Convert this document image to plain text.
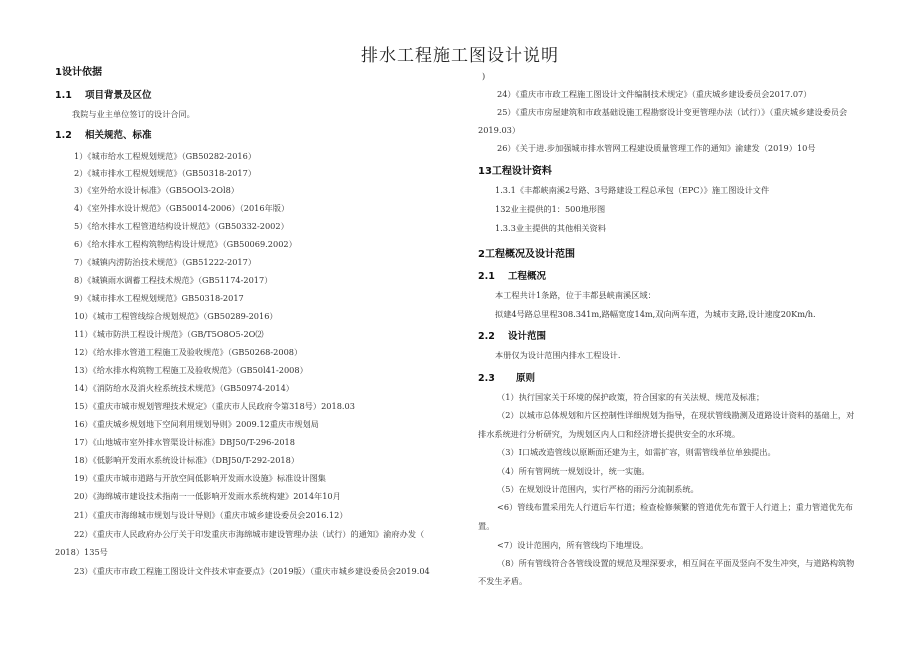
排水工程施工图设计说明
1设计依据
1.1 项目背景及区位
我院与业主单位签订的设计合同。
1.2 相关规范、标准
1）《城市给水工程规划规范》（GB50282-2016）
2）《城市排水工程规划规范》（GB50318-2017）
3）《室外给水设计标准》（GB5OOl3-2Ol8）
4）《室外排水设计规范》（GB50014-2006）（2016年版）
5）《给水排水工程管道结构设计规范》（GB50332-2002）
6）《给水排水工程构筑物结构设计规范》（GB50069.2002）
7）《城镇内涝防治技术规范》（GB51222-2017）
8）《城镇雨水调蓄工程技术规范》（GB51174-2017）
9）《城市排水工程规划规范》GB50318-2017
10）《城市工程管线综合规划规范》（GB50289-2016）
11）《城市防洪工程设计规范》（GB/T5O8O5-2O⑵
12）《给水排水管道工程施工及验收规范》（GB50268-2008）
13）《给水排水构筑物工程施工及验收规范》（GB50l41-2008）
14）《消防给水及消火栓系统技术规范》（GB50974-2014）
15）《重庆市城市规划管理技术规定》（重庆市人民政府令第318号）2018.03
16）《重庆城乡规划地下空间利用规划导则》2009.12重庆市规划局
17）《山地城市室外排水管渠设计标准》DBJ50/T-296-2018
18）《低影响开发雨水系统设计标准》（DBJ50/T-292-2018）
19）《重庆市城市道路与开放空间低影响开发雨水设施》标准设计图集
20）《海绵城市建设技术指南一一低影响开发雨水系统构建》2014年10月
21）《重庆市海绵城市规划与设计导则》（重庆市城乡建设委员会2016.12）
22）《重庆市人民政府办公厅关于印发重庆市海绵城市建设管理办法（试行）的通知》渝府办发（
2018）135号
23）《重庆市市政工程施工图设计文件技术审查要点》（2019版）（重庆市城乡建设委员会2019.04
)
24）《重庆市市政工程施工图设计文件编制技术规定》（重庆城乡建设委员会2017.07）
25）《重庆市房屋建筑和市政基础设施工程勘察设计变更管理办法（试行）》（重庆城乡建设委员会
2019.03）
26）《关于进.步加强城市排水管网工程建设质量管理工作的通知》渝建发（2019）10号
13工程设计资料
1.3.1《丰都峡南溪2号路、3号路建设工程总承包（EPC）》施工图设计文件
132业主提供的1：500地形图
1.3.3业主提供的其他相关资料
2工程概况及设计范围
2.1 工程概况
本工程共计1条路，位于丰都县峡南溪区域：
拟建4号路总里程308.341m,路幅宽度14m,双向两车道，为城市支路,设计速度20Km/h.
2.2 设计范围
本册仅为设计范围内排水工程设计.
2.3 原则
（1）执行国家关于环境的保护政策，符合国家的有关法规、规范及标准；
（2）以城市总体规划和片区控制性详细规划为指导，在现状管线勘测及道路设计资料的基础上，对
排水系统进行分析研究，为规划区内人口和经济增长提供安全的水环境。
（3）I口城改造管线以原断面还建为主，如需扩容，则需管线单位单独提出。
（4）所有管网统一规划设计，统一实施。
（5）在规划设计范围内，实行严格的雨污分流制系统。
<6）管线布置采用先人行道后车行道；检查检修频繁的管道优先布置于人行道上；重力管道优先布
置。
<7）设计范围内，所有管线均下地埋设。
（8）所有管线符合各管线设置的规范及埋深要求，相互间在平面及竖向不发生冲突，与道路构筑物
不发生矛盾。
